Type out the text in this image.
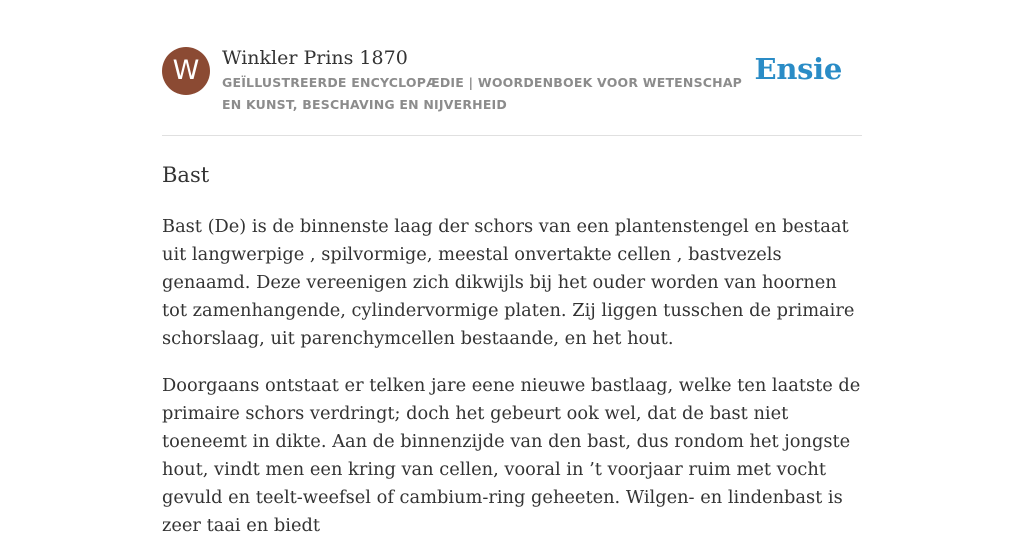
W	Winkler Prins 1870
GEÏLLUSTREERDE ENCYCLOPÆDIE | WOORDENBOEK VOOR WETENSCHAP EN KUNST, BESCHAVING EN NIJVERHEID
Ensie
Bast

Bast (De) is de binnenste laag der schors van een plantenstengel en bestaat uit langwerpige , spilvormige, meestal onvertakte cellen , bastvezels genaamd. Deze vereenigen zich dikwijls bij het ouder worden van hoornen tot zamenhangende, cylindervormige platen. Zij liggen tusschen de primaire schorslaag, uit parenchymcellen bestaande, en het hout.

Doorgaans ontstaat er telken jare eene nieuwe bastlaag, welke ten laatste de primaire schors verdringt; doch het gebeurt ook wel, dat de bast niet toeneemt in dikte. Aan de binnenzijde van den bast, dus rondom het jongste hout, vindt men een kring van cellen, vooral in ’t voorjaar ruim met vocht gevuld en teelt-weefsel of cambium-ring geheeten. Wilgen- en lindenbast is zeer taai en biedt
